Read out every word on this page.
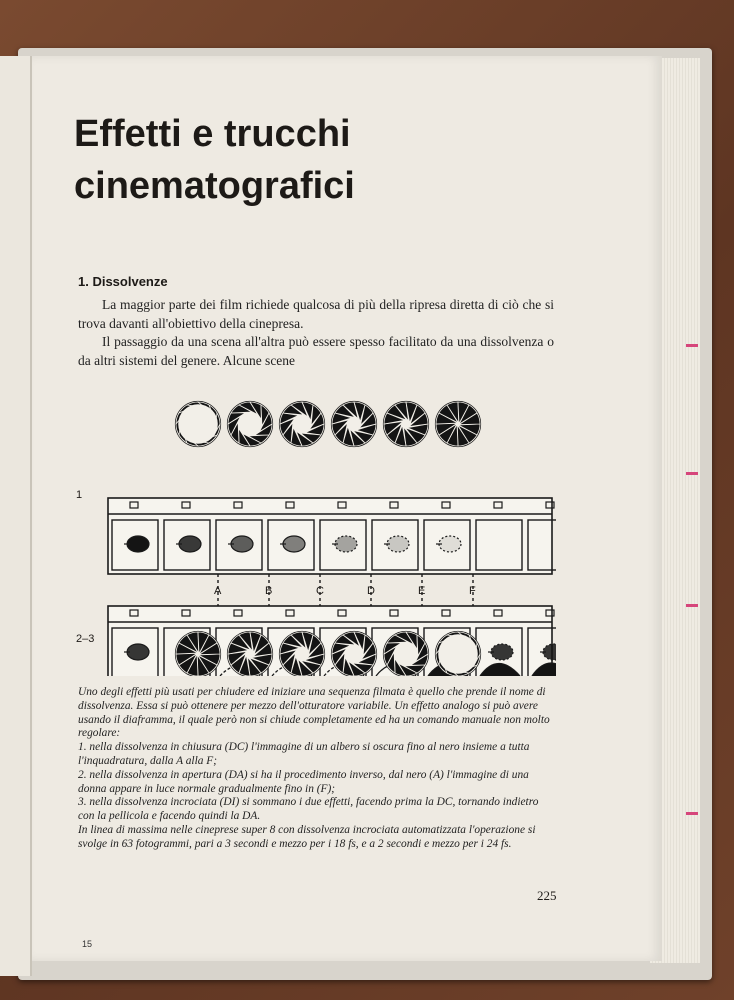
Effetti e trucchi
cinematografici
1. Dissolvenze

La maggior parte dei film richiede qualcosa di più della ripresa diretta di ciò che si trova davanti all'obiettivo della cinepresa.

Il passaggio da una scena all'altra può essere spesso facilitato da una dissolvenza o da altri sistemi del genere. Alcune scene

1
A	B	C	D	E	F
2–3

Uno degli effetti più usati per chiudere ed iniziare una sequenza filmata è quello che prende il nome di dissolvenza. Essa si può ottenere per mezzo dell'otturatore variabile. Un effetto analogo si può avere usando il diaframma, il quale però non si chiude completamente ed ha un comando manuale non molto regolare:

1. nella dissolvenza in chiusura (DC) l'immagine di un albero si oscura fino al nero insieme a tutta l'inquadratura, dalla A alla F;

2. nella dissolvenza in apertura (DA) si ha il procedimento inverso, dal nero (A) l'immagine di una donna appare in luce normale gradualmente fino in (F);

3. nella dissolvenza incrociata (DI) si sommano i due effetti, facendo prima la DC, tornando indietro con la pellicola e facendo quindi la DA.

In linea di massima nelle cineprese super 8 con dissolvenza incrociata automatizzata l'operazione si svolge in 63 fotogrammi, pari a 3 secondi e mezzo per i 18 fs, e a 2 secondi e mezzo per i 24 fs.

225
15
